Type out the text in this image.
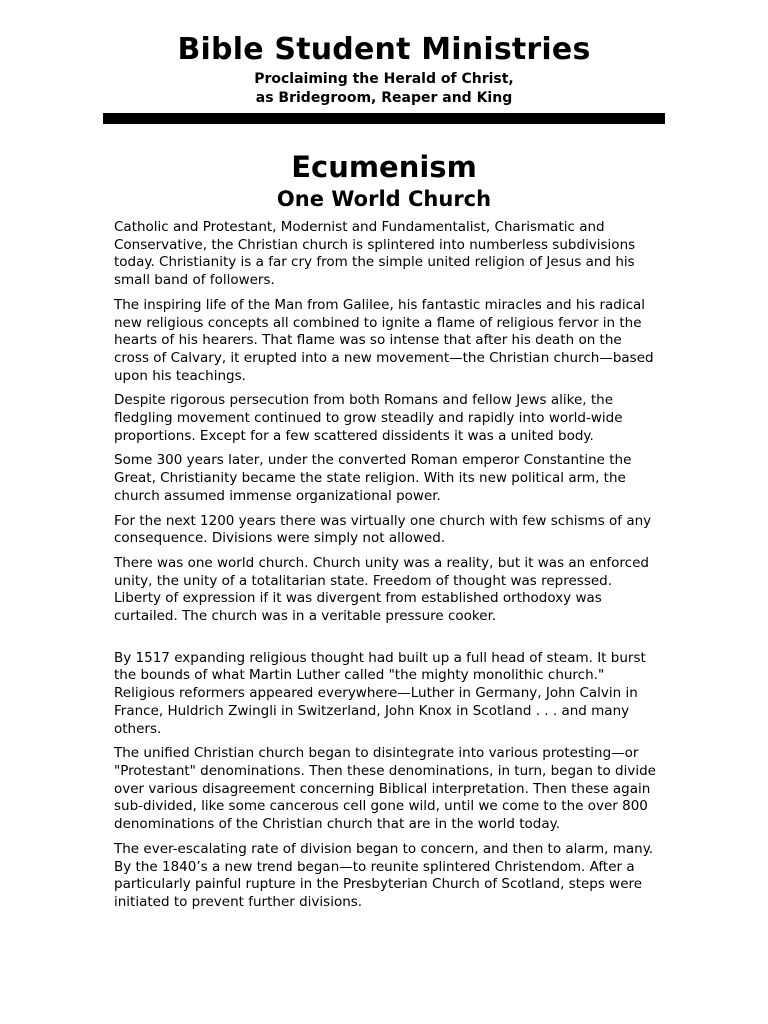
Bible Student Ministries

Proclaiming the Herald of Christ,

as Bridegroom, Reaper and King

Ecumenism
One World Church

Catholic and Protestant, Modernist and Fundamentalist, Charismatic and Conservative, the Christian church is splintered into numberless subdivisions today. Christianity is a far cry from the simple united religion of Jesus and his small band of followers.

The inspiring life of the Man from Galilee, his fantastic miracles and his radical new religious concepts all combined to ignite a flame of religious fervor in the hearts of his hearers. That flame was so intense that after his death on the cross of Calvary, it erupted into a new movement—the Christian church—based upon his teachings.

Despite rigorous persecution from both Romans and fellow Jews alike, the fledgling movement continued to grow steadily and rapidly into world-wide proportions. Except for a few scattered dissidents it was a united body.

Some 300 years later, under the converted Roman emperor Constantine the Great, Christianity became the state religion. With its new political arm, the church assumed immense organizational power.

For the next 1200 years there was virtually one church with few schisms of any consequence. Divisions were simply not allowed.

There was one world church. Church unity was a reality, but it was an enforced unity, the unity of a totalitarian state. Freedom of thought was repressed. Liberty of expression if it was divergent from established orthodoxy was curtailed. The church was in a veritable pressure cooker.

By 1517 expanding religious thought had built up a full head of steam. It burst the bounds of what Martin Luther called "the mighty monolithic church." Religious reformers appeared everywhere—Luther in Germany, John Calvin in France, Huldrich Zwingli in Switzerland, John Knox in Scotland . . . and many others.

The unified Christian church began to disintegrate into various protesting—or "Protestant" denominations. Then these denominations, in turn, began to divide over various disagreement concerning Biblical interpretation. Then these again sub-divided, like some cancerous cell gone wild, until we come to the over 800 denominations of the Christian church that are in the world today.

The ever-escalating rate of division began to concern, and then to alarm, many. By the 1840’s a new trend began—to reunite splintered Christendom. After a particularly painful rupture in the Presbyterian Church of Scotland, steps were initiated to prevent further divisions.
